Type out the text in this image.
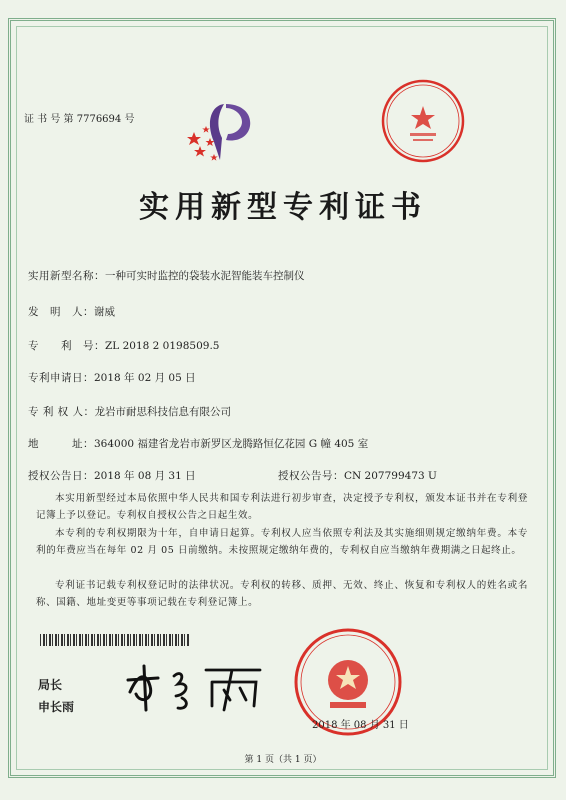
证 书 号 第 7776694 号
实用新型专利证书
实用新型名称：一种可实时监控的袋装水泥智能装车控制仪
发　明　人：谢威
专　　利　号：ZL 2018 2 0198509.5
专利申请日：2018 年 02 月 05 日
专 利 权 人：龙岩市耐思科技信息有限公司
地　　　址：364000 福建省龙岩市新罗区龙腾路恒亿花园 G 幢 405 室
授权公告日：2018 年 08 月 31 日	授权公告号：CN 207799473 U
本实用新型经过本局依照中华人民共和国专利法进行初步审查，决定授予专利权，颁发本证书并在专利登记簿上予以登记。专利权自授权公告之日起生效。
本专利的专利权期限为十年，自申请日起算。专利权人应当依照专利法及其实施细则规定缴纳年费。本专利的年费应当在每年 02 月 05 日前缴纳。未按照规定缴纳年费的，专利权自应当缴纳年费期满之日起终止。
专利证书记载专利权登记时的法律状况。专利权的转移、质押、无效、终止、恢复和专利权人的姓名或名称、国籍、地址变更等事项记载在专利登记簿上。
局长
申长雨
2018 年 08 月 31 日
第 1 页（共 1 页）
